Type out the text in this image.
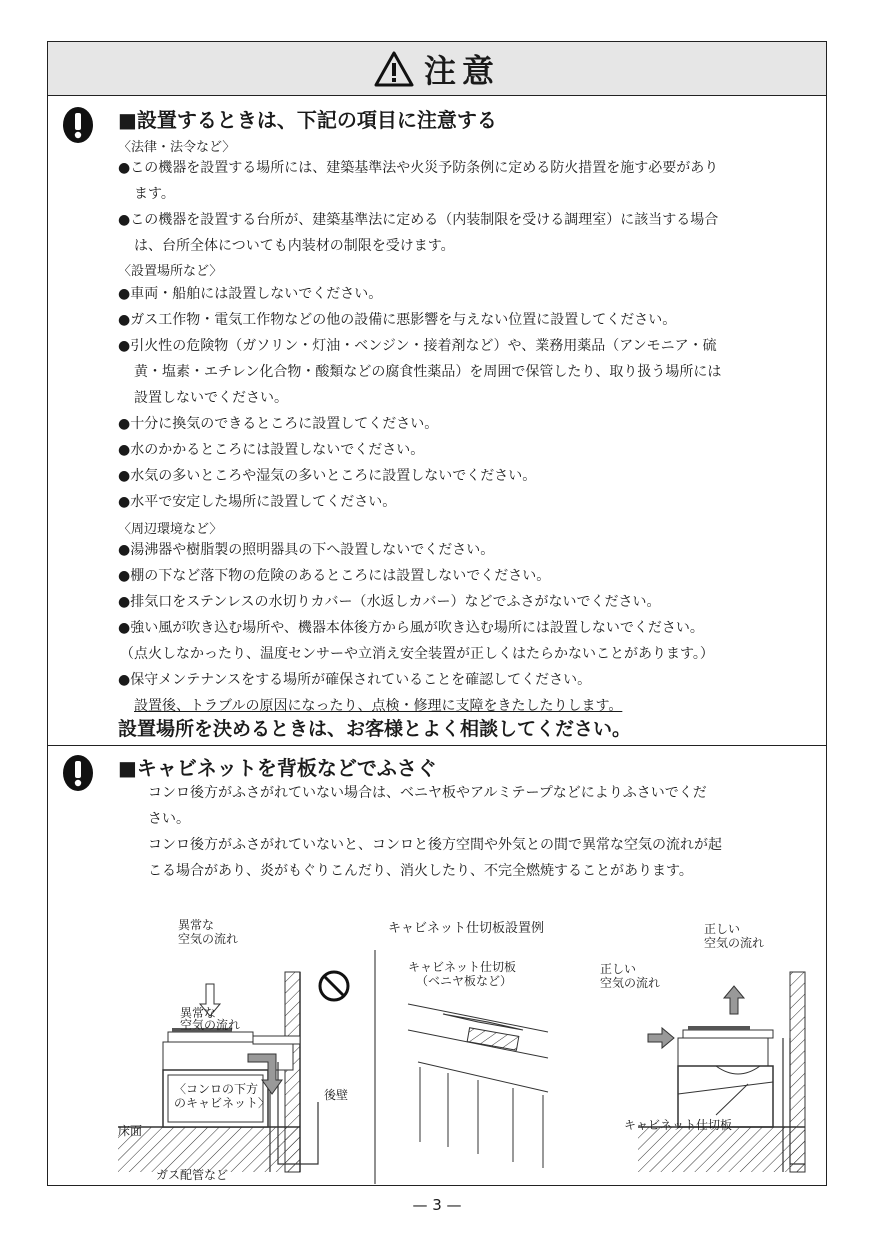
注意
■設置するときは、下記の項目に注意する
〈法律・法令など〉
●この機器を設置する場所には、建築基準法や火災予防条例に定める防火措置を施す必要があり
ます。
●この機器を設置する台所が、建築基準法に定める（内装制限を受ける調理室）に該当する場合
は、台所全体についても内装材の制限を受けます。
〈設置場所など〉
●車両・船舶には設置しないでください。
●ガス工作物・電気工作物などの他の設備に悪影響を与えない位置に設置してください。
●引火性の危険物（ガソリン・灯油・ベンジン・接着剤など）や、業務用薬品（アンモニア・硫
黄・塩素・エチレン化合物・酸類などの腐食性薬品）を周囲で保管したり、取り扱う場所には
設置しないでください。
●十分に換気のできるところに設置してください。
●水のかかるところには設置しないでください。
●水気の多いところや湿気の多いところに設置しないでください。
●水平で安定した場所に設置してください。
〈周辺環境など〉
●湯沸器や樹脂製の照明器具の下へ設置しないでください。
●棚の下など落下物の危険のあるところには設置しないでください。
●排気口をステンレスの水切りカバー（水返しカバー）などでふさがないでください。
●強い風が吹き込む場所や、機器本体後方から風が吹き込む場所には設置しないでください。
（点火しなかったり、温度センサーや立消え安全装置が正しくはたらかないことがあります。）
●保守メンテナンスをする場所が確保されていることを確認してください。
設置後、トラブルの原因になったり、点検・修理に支障をきたしたりします。
設置場所を決めるときは、お客様とよく相談してください。
■キャビネットを背板などでふさぐ
コンロ後方がふさがれていない場合は、ベニヤ板やアルミテープなどによりふさいでくだ
さい。
コンロ後方がふさがれていないと、コンロと後方空間や外気との間で異常な空気の流れが起
こる場合があり、炎がもぐりこんだり、消火したり、不完全燃焼することがあります。
異常な
空気の流れ
異常な
空気の流れ
後壁
〈コンロの下方
のキャビネット〉
床面
ガス配管など
キャビネット仕切板設置例
キャビネット仕切板
（ベニヤ板など）
正しい
空気の流れ
正しい
空気の流れ
キャビネット仕切板
— 3 —
